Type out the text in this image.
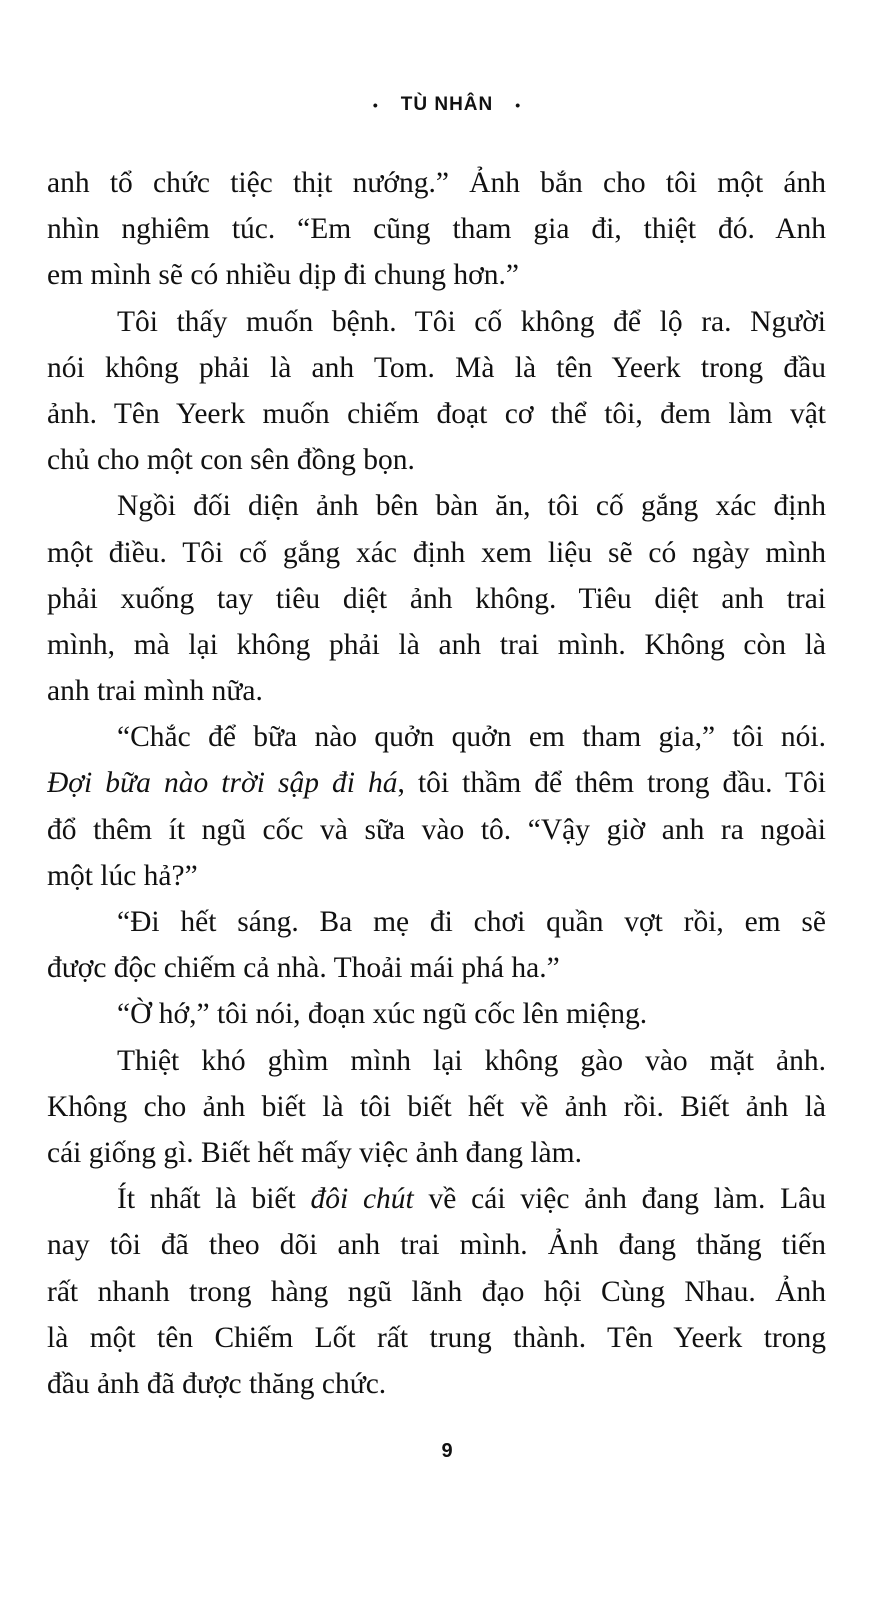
• TÙ NHÂN •
anh tổ chức tiệc thịt nướng.” Ảnh bắn cho tôi một ánh
nhìn nghiêm túc. “Em cũng tham gia đi, thiệt đó. Anh
em mình sẽ có nhiều dịp đi chung hơn.”
Tôi thấy muốn bệnh. Tôi cố không để lộ ra. Người
nói không phải là anh Tom. Mà là tên Yeerk trong đầu
ảnh. Tên Yeerk muốn chiếm đoạt cơ thể tôi, đem làm vật
chủ cho một con sên đồng bọn.
Ngồi đối diện ảnh bên bàn ăn, tôi cố gắng xác định
một điều. Tôi cố gắng xác định xem liệu sẽ có ngày mình
phải xuống tay tiêu diệt ảnh không. Tiêu diệt anh trai
mình, mà lại không phải là anh trai mình. Không còn là
anh trai mình nữa.
“Chắc để bữa nào quởn quởn em tham gia,” tôi nói.
Đợi bữa nào trời sập đi há, tôi thầm để thêm trong đầu. Tôi
đổ thêm ít ngũ cốc và sữa vào tô. “Vậy giờ anh ra ngoài
một lúc hả?”
“Đi hết sáng. Ba mẹ đi chơi quần vợt rồi, em sẽ
được độc chiếm cả nhà. Thoải mái phá ha.”
“Ờ hớ,” tôi nói, đoạn xúc ngũ cốc lên miệng.
Thiệt khó ghìm mình lại không gào vào mặt ảnh.
Không cho ảnh biết là tôi biết hết về ảnh rồi. Biết ảnh là
cái giống gì. Biết hết mấy việc ảnh đang làm.
Ít nhất là biết đôi chút về cái việc ảnh đang làm. Lâu
nay tôi đã theo dõi anh trai mình. Ảnh đang thăng tiến
rất nhanh trong hàng ngũ lãnh đạo hội Cùng Nhau. Ảnh
là một tên Chiếm Lốt rất trung thành. Tên Yeerk trong
đầu ảnh đã được thăng chức.
9
